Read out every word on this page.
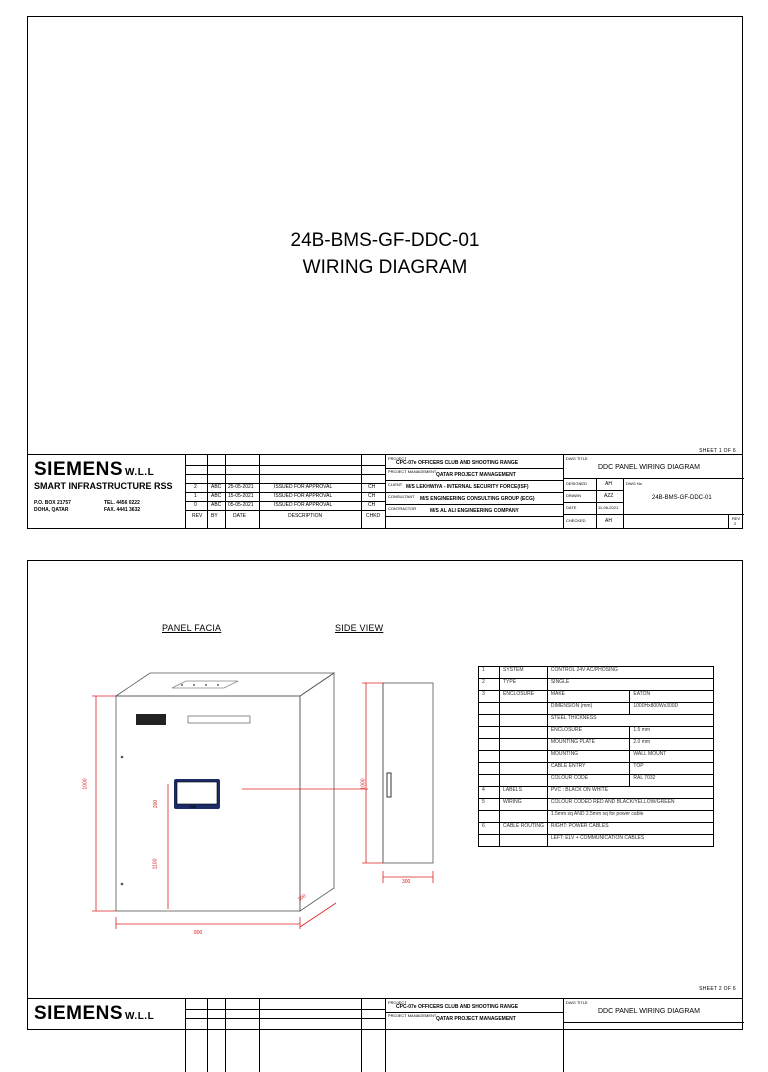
24B-BMS-GF-DDC-01
WIRING DIAGRAM
SHEET 1 OF 6
SIEMENS W.L.L
SMART INFRASTRUCTURE RSS
P.O. BOX 21757
DOHA, QATAR
TEL. 4456 0222
FAX. 4441 3632
2	ABC 25-05-2021	ISSUED FOR APPROVAL	CH
1	ABC 15-05-2021	ISSUED FOR APPROVAL	CH
0	ABC 05-05-2021	ISSUED FOR APPROVAL	CH
REV BY	DATE	DESCRIPTION	CHKD
PROJECT
CPC-07e OFFICERS CLUB AND SHOOTING RANGE
PROJECT MANAGEMENT
QATAR PROJECT MANAGEMENT
CLIENT M/S LEKHWIYA - INTERNAL SECURITY FORCE(ISF)
CONSULTANT M/S ENGINEERING CONSULTING GROUP (ECG)
CONTRACTOR	M/S AL ALI ENGINEERING COMPANY
DWG TITLE
DDC PANEL WIRING DIAGRAM
DESIGNED	AH
DRAWN	AZZ
DATE	11-06-2021
CHECKED	AH
DWG No
24B-BMS-GF-DDC-01
REV
2
PANEL FACIA	SIDE VIEW
1000
800
300
200
1100
24B-BMS-GF-DDC-01
HMI
1000
300
1	SYSTEM	CONTROL 24V AC/PHOSING	
2	TYPE	SINGLE	
3	ENCLOSURE	MAKE	EATON
		DIMENSION (mm)	1000Hx800Wx300D
		STEEL THICKNESS	
		ENCLOSURE	1.5 mm
		MOUNTING PLATE	2.0 mm
		MOUNTING	WALL MOUNT
		CABLE ENTRY	TOP
		COLOUR CODE	RAL 7032
4	LABELS	PVC : BLACK ON WHITE	
5	WIRING	COLOUR CODED RED AND BLACK/YELLOW/GREEN	
		1.5mm sq AND 2.5mm sq for power cable	
6	CABLE ROUTING	RIGHT: POWER CABLES	
		LEFT: ELV + COMMUNICATION CABLES	
SHEET 2 OF 6
SIEMENS W.L.L
PROJECT
CPC-07e OFFICERS CLUB AND SHOOTING RANGE
PROJECT MANAGEMENT
QATAR PROJECT MANAGEMENT
DWG TITLE
DDC PANEL WIRING DIAGRAM
